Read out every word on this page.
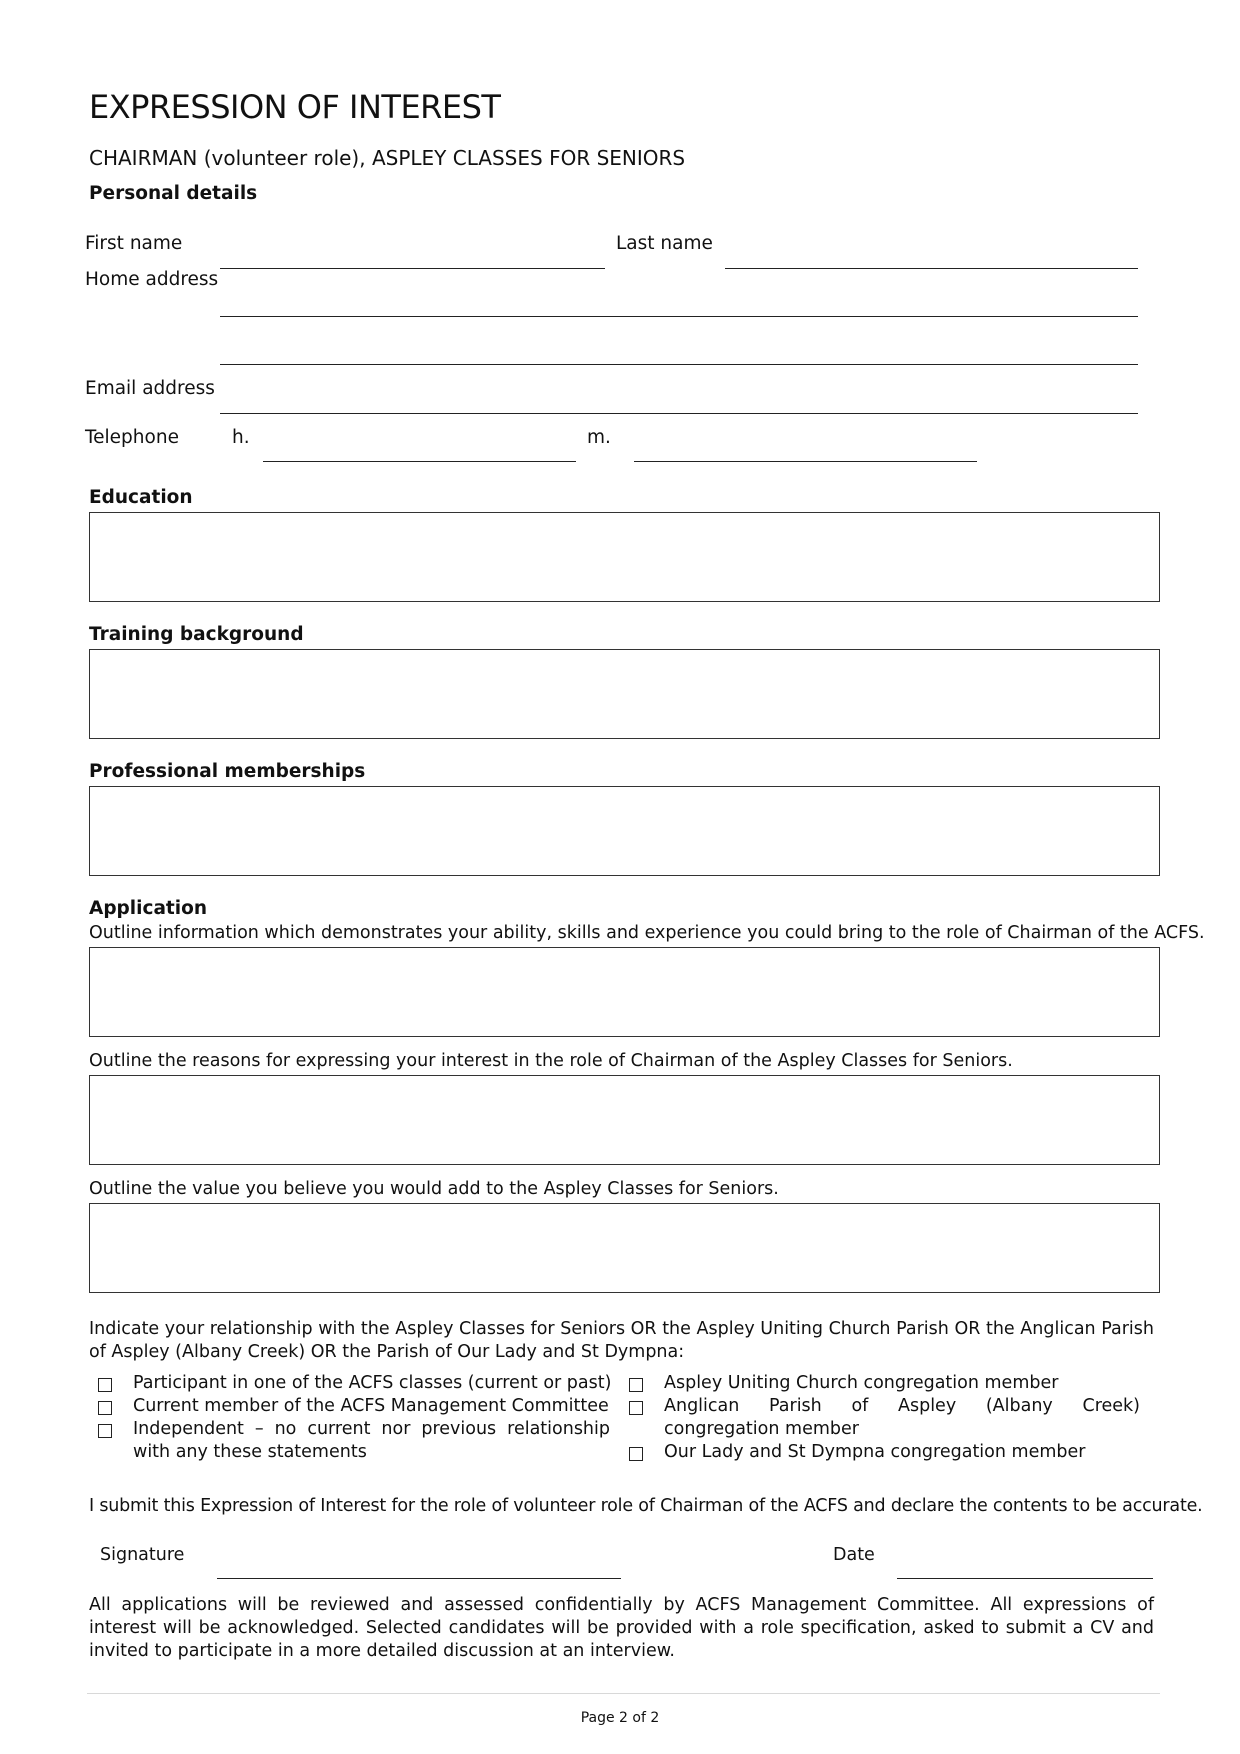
EXPRESSION OF INTEREST
CHAIRMAN (volunteer role), ASPLEY CLASSES FOR SENIORS
Personal details
First name	Last name
Home address
Email address
Telephone	h.	m.
Education
Training background
Professional memberships
Application
Outline information which demonstrates your ability, skills and experience you could bring to the role of Chairman of the ACFS.
Outline the reasons for expressing your interest in the role of Chairman of the Aspley Classes for Seniors.
Outline the value you believe you would add to the Aspley Classes for Seniors.
Indicate your relationship with the Aspley Classes for Seniors OR the Aspley Uniting Church Parish OR the Anglican Parish of Aspley (Albany Creek) OR the Parish of Our Lady and St Dympna:
Participant in one of the ACFS classes (current or past)
Current member of the ACFS Management Committee
Independent – no current nor previous relationship with any these statements
Aspley Uniting Church congregation member
Anglican Parish of Aspley (Albany Creek) congregation member
Our Lady and St Dympna congregation member
I submit this Expression of Interest for the role of volunteer role of Chairman of the ACFS and declare the contents to be accurate.
Signature	Date
All applications will be reviewed and assessed confidentially by ACFS Management Committee. All expressions of interest will be acknowledged. Selected candidates will be provided with a role specification, asked to submit a CV and invited to participate in a more detailed discussion at an interview.
Page 2 of 2
